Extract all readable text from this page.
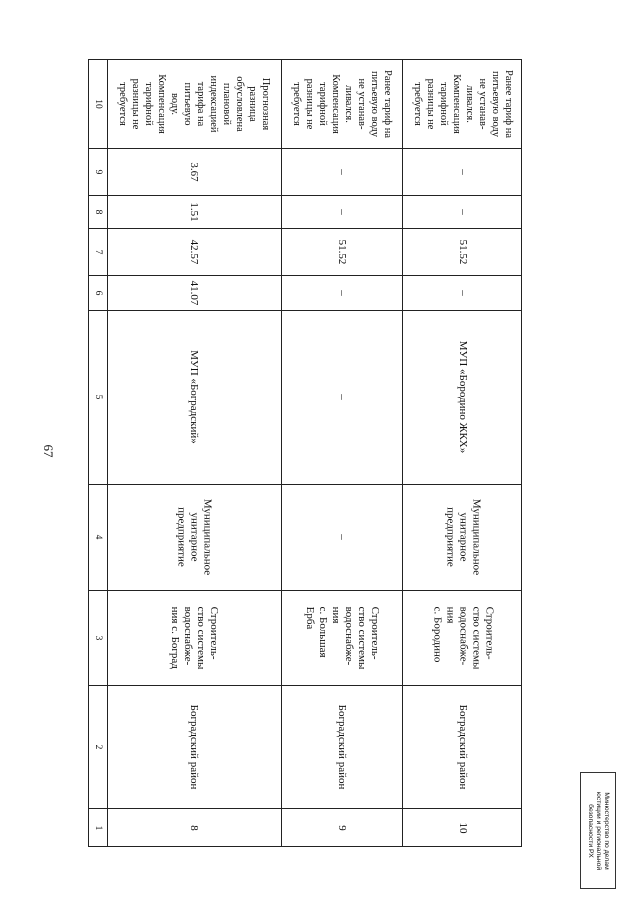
67
10
9
8
7
6
5
4
3
2
1
Прогнозная
разница
обусловлена
плановой
индексацией
тарифа на
питьевую
воду.
Компенсация
тарифной
разницы не
требуется
3.67
1.51
42.57
41.07
МУП «Боградский»
Муниципальное
унитарное
предприятие
Строитель-
ство системы
водоснабже-
ния с. Боград
Боградский район
8
Ранее тариф на
питьевую воду
не устанав-
ливался.
Компенсация
тарифной
разницы не
требуется
–
–
51.52
–
–
–
Строитель-
ство системы
водоснабже-
ния
с. Большая
Ерба
Боградский район
9
Ранее тариф на
питьевую воду
не устанав-
ливался.
Компенсация
тарифной
разницы не
требуется
–
–
51.52
–
МУП «Бородино ЖКХ»
Муниципальное
унитарное
предприятие
Строитель-
ство системы
водоснабже-
ния
с. Бородино
Боградский район
10	Минюстерство по делам
юстиции и региональной
безопасности РХ
